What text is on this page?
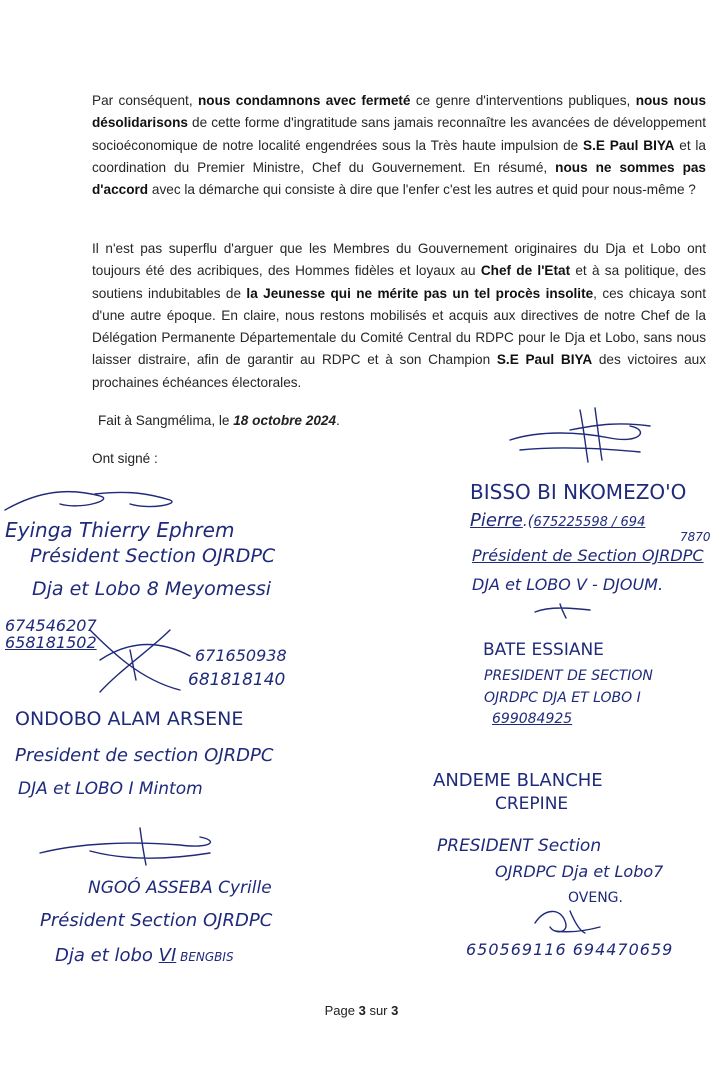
Par conséquent, nous condamnons avec fermeté ce genre d'interventions publiques, nous nous désolidarisons de cette forme d'ingratitude sans jamais reconnaître les avancées de développement socioéconomique de notre localité engendrées sous la Très haute impulsion de S.E Paul BIYA et la coordination du Premier Ministre, Chef du Gouvernement. En résumé, nous ne sommes pas d'accord avec la démarche qui consiste à dire que l'enfer c'est les autres et quid pour nous-même ?

Il n'est pas superflu d'arguer que les Membres du Gouvernement originaires du Dja et Lobo ont toujours été des acribiques, des Hommes fidèles et loyaux au Chef de l'Etat et à sa politique, des soutiens indubitables de la Jeunesse qui ne mérite pas un tel procès insolite, ces chicaya sont d'une autre époque. En claire, nous restons mobilisés et acquis aux directives de notre Chef de la Délégation Permanente Départementale du Comité Central du RDPC pour le Dja et Lobo, sans nous laisser distraire, afin de garantir au RDPC et à son Champion S.E Paul BIYA des victoires aux prochaines échéances électorales.

Fait à Sangmélima, le 18 octobre 2024.
Ont signé :
Eyinga Thierry Ephrem
Président Section OJRDPC
Dja et Lobo 8 Meyomessi
674546207
658181502
671650938
681818140
ONDOBO ALAM ARSENE
President de section OJRDPC
DJA et LOBO I Mintom
NGOÓ ASSEBA Cyrille
Président Section OJRDPC
Dja et lobo VI BENGBIS
BISSO BI NKOMEZO'O
Pierre.(675225598 / 694
7870
Président de Section OJRDPC
DJA et LOBO V - DJOUM.
BATE ESSIANE
PRESIDENT DE SECTION
OJRDPC DJA ET LOBO I
699084925
ANDEME BLANCHE
CREPINE
PRESIDENT Section
OJRDPC Dja et Lobo7
OVENG.
650569116 694470659
Page 3 sur 3
